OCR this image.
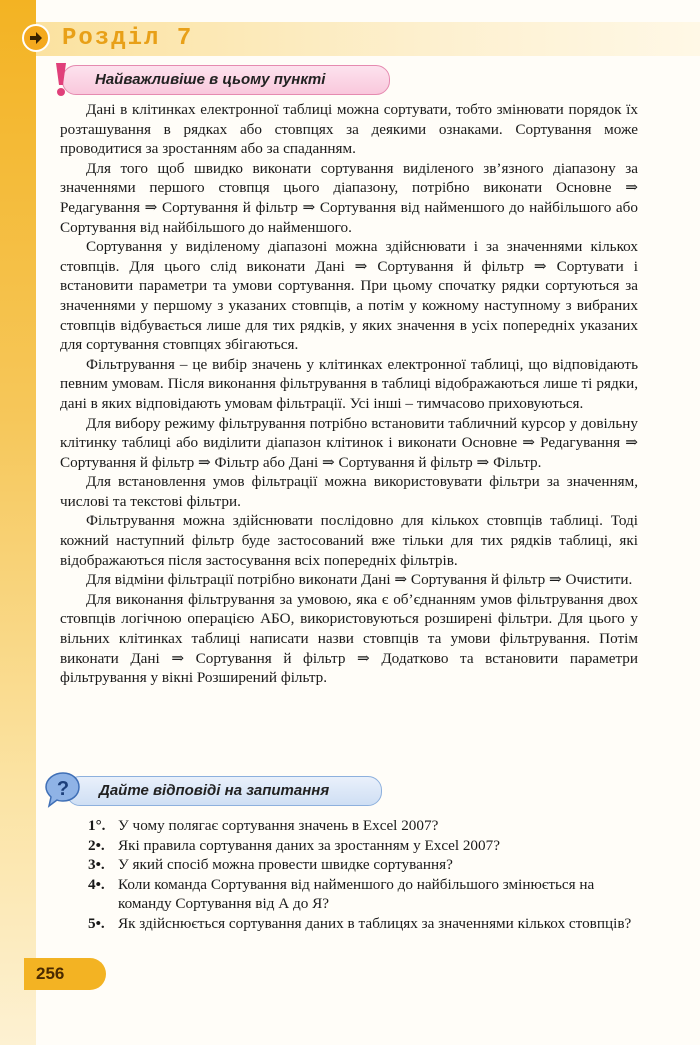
Розділ 7
Найважливіше в цьому пункті

Дані в клітинках електронної таблиці можна сортувати, тобто змінювати порядок їх розташування в рядках або стовпцях за деякими ознаками. Сортування може проводитися за зростанням або за спаданням.

Для того щоб швидко виконати сортування виділеного зв’язного діапазону за значеннями першого стовпця цього діапазону, потрібно виконати Основне ⇒ Редагування ⇒ Сортування й фільтр ⇒ Сортування від найменшого до найбільшого або Сортування від найбільшого до найменшого.

Сортування у виділеному діапазоні можна здійснювати і за значеннями кількох стовпців. Для цього слід виконати Дані ⇒ Сортування й фільтр ⇒ Сортувати і встановити параметри та умови сортування. При цьому спочатку рядки сортуються за значеннями у першому з указаних стовпців, а потім у кожному наступному з вибраних стовпців відбувається лише для тих рядків, у яких значення в усіх попередніх указаних для сортування стовпцях збігаються.

Фільтрування – це вибір значень у клітинках електронної таблиці, що відповідають певним умовам. Після виконання фільтрування в таблиці відображаються лише ті рядки, дані в яких відповідають умовам фільтрації. Усі інші – тимчасово приховуються.

Для вибору режиму фільтрування потрібно встановити табличний курсор у довільну клітинку таблиці або виділити діапазон клітинок і виконати Основне ⇒ Редагування ⇒ Сортування й фільтр ⇒ Фільтр або Дані ⇒ Сортування й фільтр ⇒ Фільтр.

Для встановлення умов фільтрації можна використовувати фільтри за значенням, числові та текстові фільтри.

Фільтрування можна здійснювати послідовно для кількох стовпців таблиці. Тоді кожний наступний фільтр буде застосований вже тільки для тих рядків таблиці, які відображаються після застосування всіх попередніх фільтрів.

Для відміни фільтрації потрібно виконати Дані ⇒ Сортування й фільтр ⇒ Очистити.

Для виконання фільтрування за умовою, яка є об’єднанням умов фільтрування двох стовпців логічною операцією АБО, використовуються розширені фільтри. Для цього у вільних клітинках таблиці написати назви стовпців та умови фільтрування. Потім виконати Дані ⇒ Сортування й фільтр ⇒ Додатково та встановити параметри фільтрування у вікні Розширений фільтр.

Дайте відповіді на запитання
?
1°. У чому полягає сортування значень в Excel 2007?
2•. Які правила сортування даних за зростанням у Excel 2007?
3•. У який спосіб можна провести швидке сортування?
4•. Коли команда Сортування від найменшого до найбільшого змінюється на команду Сортування від А до Я?
5•. Як здійснюється сортування даних в таблицях за значеннями кількох стовпців?
256
